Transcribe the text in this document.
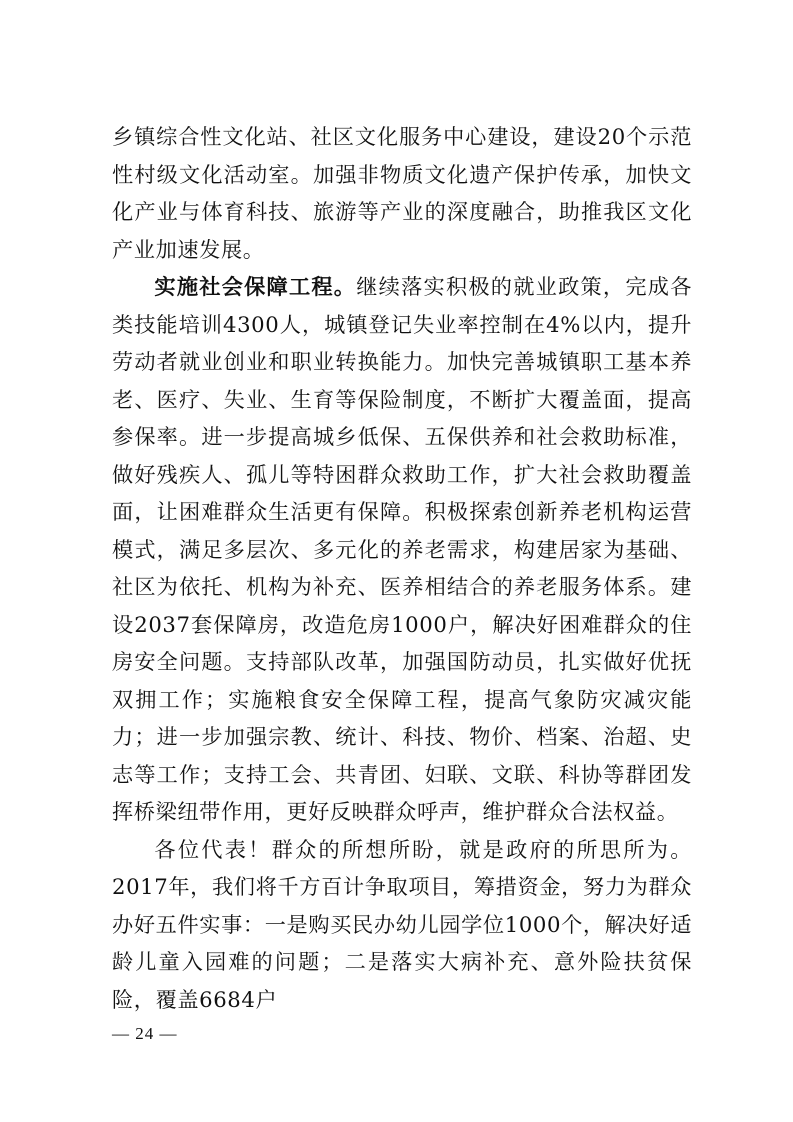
乡镇综合性文化站、社区文化服务中心建设，建设20个示范性村级文化活动室。加强非物质文化遗产保护传承，加快文化产业与体育科技、旅游等产业的深度融合，助推我区文化产业加速发展。

实施社会保障工程。继续落实积极的就业政策，完成各类技能培训4300人，城镇登记失业率控制在4%以内，提升劳动者就业创业和职业转换能力。加快完善城镇职工基本养老、医疗、失业、生育等保险制度，不断扩大覆盖面，提高参保率。进一步提高城乡低保、五保供养和社会救助标准，做好残疾人、孤儿等特困群众救助工作，扩大社会救助覆盖面，让困难群众生活更有保障。积极探索创新养老机构运营模式，满足多层次、多元化的养老需求，构建居家为基础、社区为依托、机构为补充、医养相结合的养老服务体系。建设2037套保障房，改造危房1000户，解决好困难群众的住房安全问题。支持部队改革，加强国防动员，扎实做好优抚双拥工作；实施粮食安全保障工程，提高气象防灾减灾能力；进一步加强宗教、统计、科技、物价、档案、治超、史志等工作；支持工会、共青团、妇联、文联、科协等群团发挥桥梁纽带作用，更好反映群众呼声，维护群众合法权益。

各位代表！群众的所想所盼，就是政府的所思所为。2017年，我们将千方百计争取项目，筹措资金，努力为群众办好五件实事：一是购买民办幼儿园学位1000个，解决好适龄儿童入园难的问题；二是落实大病补充、意外险扶贫保险，覆盖6684户

— 24 —
